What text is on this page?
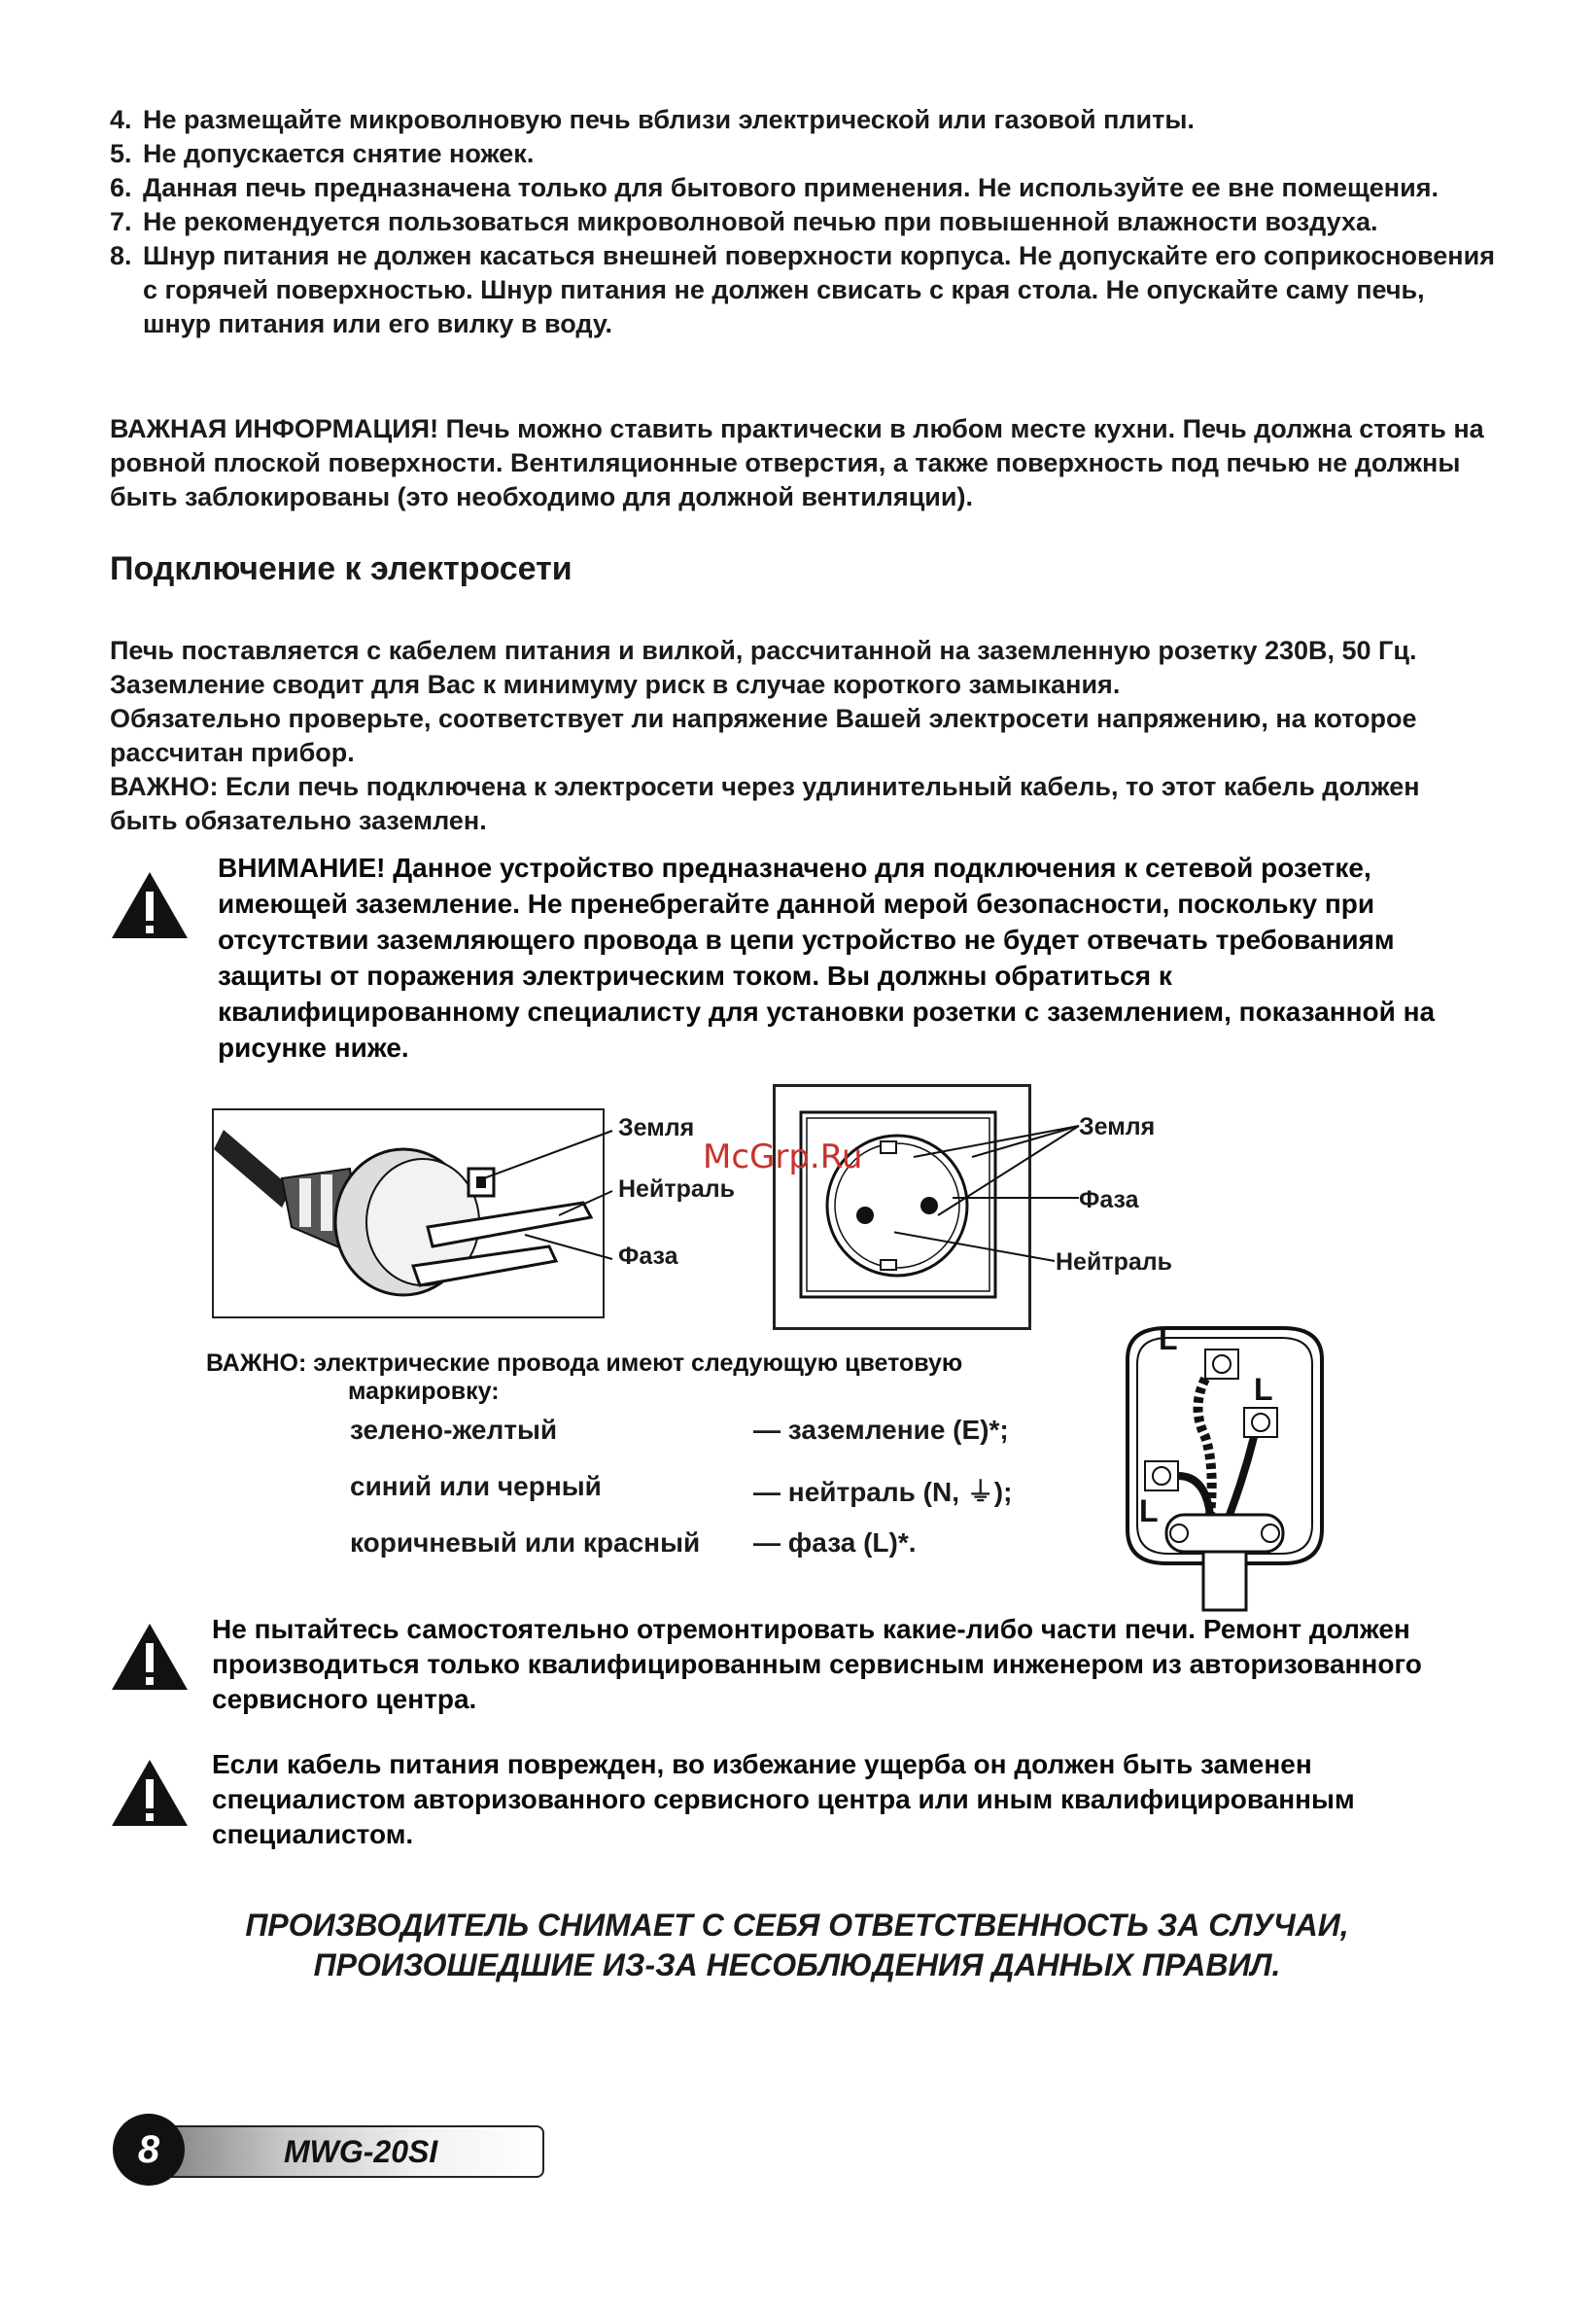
4. Не размещайте микроволновую печь вблизи электрической или газовой плиты.
5. Не допускается снятие ножек.
6. Данная печь предназначена только для бытового применения. Не используйте ее вне помещения.
7. Не рекомендуется пользоваться микроволновой печью при повышенной влажности воздуха.
8. Шнур питания не должен касаться внешней поверхности корпуса. Не допускайте его соприкосновения с горячей поверхностью. Шнур питания не должен свисать с края стола. Не опускайте саму печь, шнур питания или его вилку в воду.

ВАЖНАЯ ИНФОРМАЦИЯ! Печь можно ставить практически в любом месте кухни. Печь должна стоять на ровной плоской поверхности. Вентиляционные отверстия, а также поверхность под печью не должны быть заблокированы (это необходимо для должной вентиляции).

Подключение к электросети

Печь поставляется с кабелем питания и вилкой, рассчитанной на заземленную розетку 230В, 50 Гц. Заземление сводит для Вас к минимуму риск в случае короткого замыкания.

Обязательно проверьте, соответствует ли напряжение Вашей электросети напряжению, на которое рассчитан прибор.

ВАЖНО: Если печь подключена к электросети через удлинительный кабель, то этот кабель должен быть обязательно заземлен.

ВНИМАНИЕ! Данное устройство предназначено для подключения к сетевой розетке, имеющей заземление. Не пренебрегайте данной мерой безопасности, поскольку при отсутствии заземляющего провода в цепи устройство не будет отвечать требованиям защиты от поражения электрическим током. Вы должны обратиться к квалифицированному специалисту для установки розетки с заземлением, показанной на рисунке ниже.

Земля
Нейтраль
Фаза
Земля
Фаза
Нейтраль
McGrp.Ru
ВАЖНО: электрические провода имеют следующую цветовую
маркировку:
зелено-желтый	— заземление (Е)*;
синий или черный	— нейтраль (N, ⏚);
коричневый или красный	— фаза (L)*.
L
L
L

Не пытайтесь самостоятельно отремонтировать какие-либо части печи. Ремонт должен производиться только квалифицированным сервисным инженером из авторизованного сервисного центра.

Если кабель питания поврежден, во избежание ущерба он должен быть заменен специалистом авторизованного сервисного центра или иным квалифицированным специалистом.

ПРОИЗВОДИТЕЛЬ СНИМАЕТ С СЕБЯ ОТВЕТСТВЕННОСТЬ ЗА СЛУЧАИ,
ПРОИЗОШЕДШИЕ ИЗ-ЗА НЕСОБЛЮДЕНИЯ ДАННЫХ ПРАВИЛ.
MWG-20SI
8
